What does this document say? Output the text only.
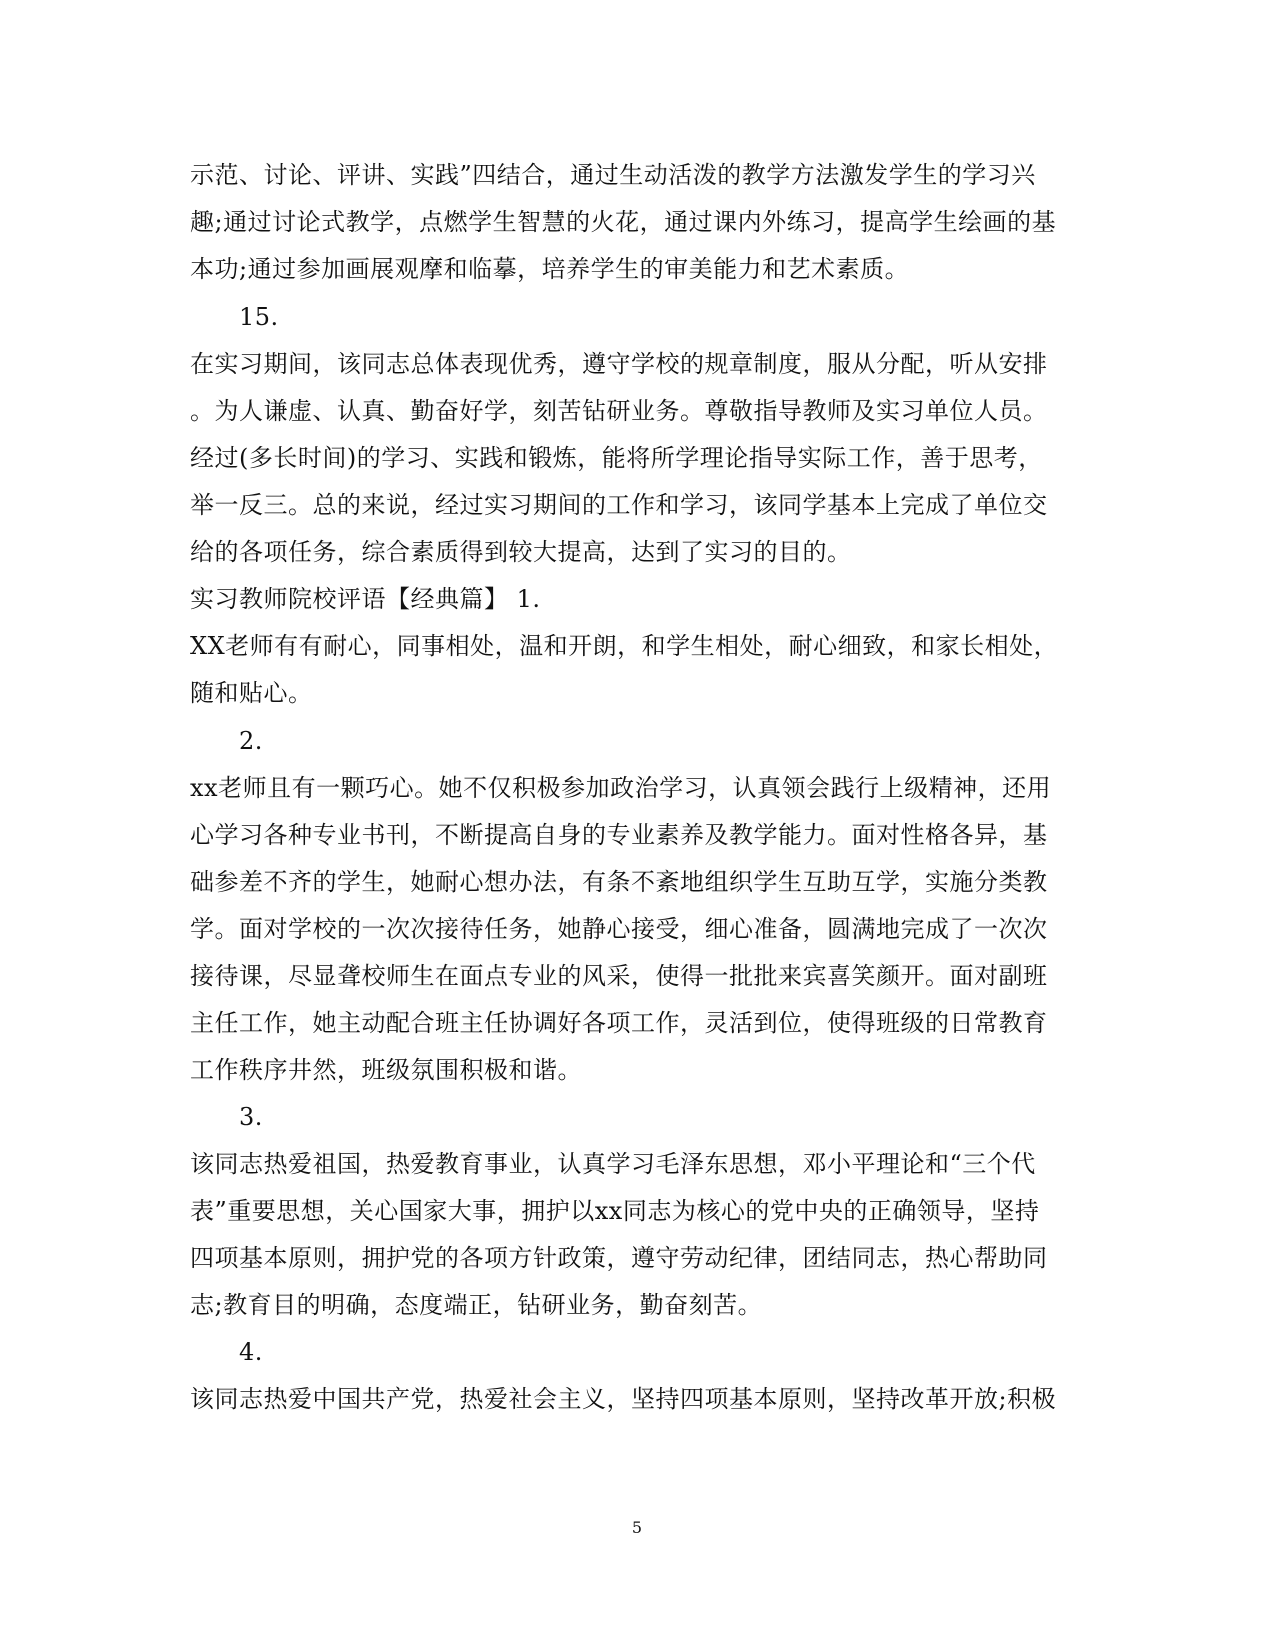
示范、讨论、评讲、实践”四结合，通过生动活泼的教学方法激发学生的学习兴
趣;通过讨论式教学，点燃学生智慧的火花，通过课内外练习，提高学生绘画的基
本功;通过参加画展观摩和临摹，培养学生的审美能力和艺术素质。
15.
在实习期间，该同志总体表现优秀，遵守学校的规章制度，服从分配，听从安排
。为人谦虚、认真、勤奋好学，刻苦钻研业务。尊敬指导教师及实习单位人员。
经过(多长时间)的学习、实践和锻炼，能将所学理论指导实际工作，善于思考，
举一反三。总的来说，经过实习期间的工作和学习，该同学基本上完成了单位交
给的各项任务，综合素质得到较大提高，达到了实习的目的。
实习教师院校评语【经典篇】 1.
XX老师有有耐心，同事相处，温和开朗，和学生相处，耐心细致，和家长相处，
随和贴心。
2.
xx老师且有一颗巧心。她不仅积极参加政治学习，认真领会践行上级精神，还用
心学习各种专业书刊，不断提高自身的专业素养及教学能力。面对性格各异，基
础参差不齐的学生，她耐心想办法，有条不紊地组织学生互助互学，实施分类教
学。面对学校的一次次接待任务，她静心接受，细心准备，圆满地完成了一次次
接待课，尽显聋校师生在面点专业的风采，使得一批批来宾喜笑颜开。面对副班
主任工作，她主动配合班主任协调好各项工作，灵活到位，使得班级的日常教育
工作秩序井然，班级氛围积极和谐。
3.
该同志热爱祖国，热爱教育事业，认真学习毛泽东思想，邓小平理论和“三个代
表”重要思想，关心国家大事，拥护以xx同志为核心的党中央的正确领导，坚持
四项基本原则，拥护党的各项方针政策，遵守劳动纪律，团结同志，热心帮助同
志;教育目的明确，态度端正，钻研业务，勤奋刻苦。
4.
该同志热爱中国共产党，热爱社会主义，坚持四项基本原则，坚持改革开放;积极
5
